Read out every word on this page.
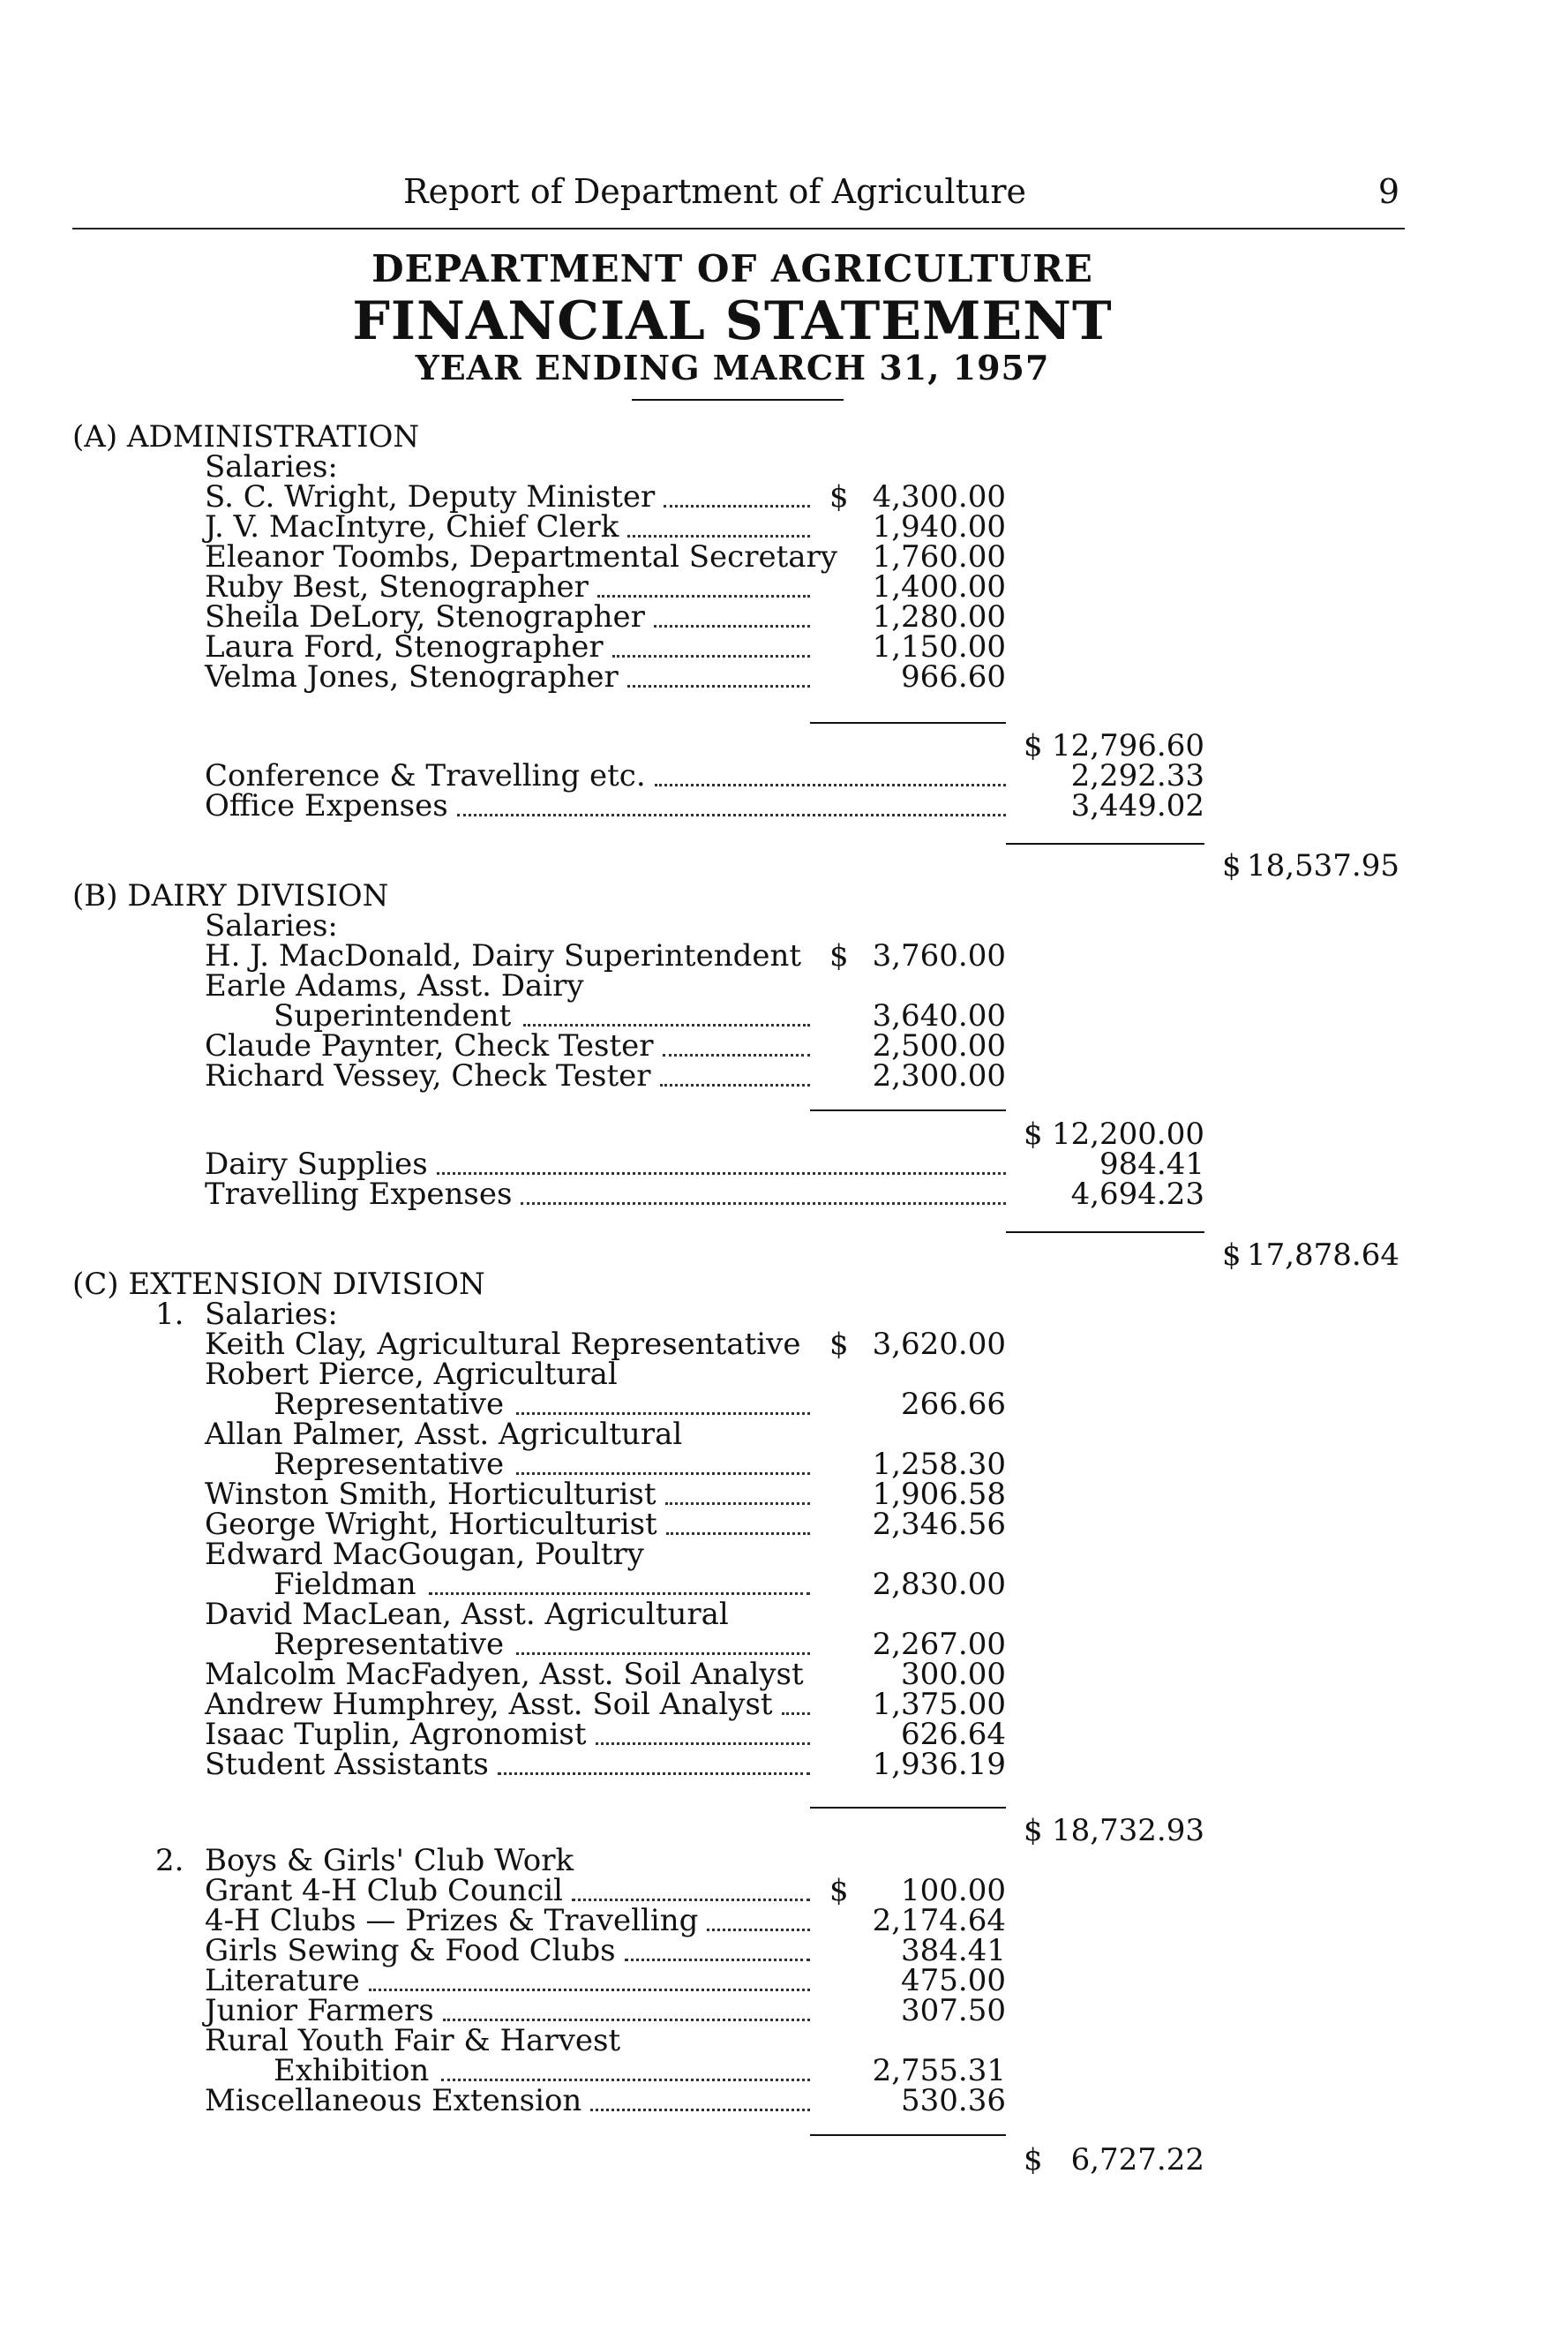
Report of Department of Agriculture	9
DEPARTMENT OF AGRICULTURE
FINANCIAL STATEMENT
YEAR ENDING MARCH 31, 1957
(A) ADMINISTRATION
Salaries:
S. C. Wright, Deputy Minister	$ 4,300.00
J. V. MacIntyre, Chief Clerk	1,940.00
Eleanor Toombs, Departmental Secretary	1,760.00
Ruby Best, Stenographer	1,400.00
Sheila DeLory, Stenographer	1,280.00
Laura Ford, Stenographer	1,150.00
Velma Jones, Stenographer	966.60
$ 12,796.60
Conference & Travelling etc.	2,292.33
Office Expenses	3,449.02
$ 18,537.95
(B) DAIRY DIVISION
Salaries:
H. J. MacDonald, Dairy Superintendent $ 3,760.00
Earle Adams, Asst. Dairy
Superintendent	3,640.00
Claude Paynter, Check Tester	2,500.00
Richard Vessey, Check Tester	2,300.00
$ 12,200.00
Dairy Supplies	984.41
Travelling Expenses	4,694.23
$ 17,878.64
(C) EXTENSION DIVISION
1. Salaries:
Keith Clay, Agricultural Representative $ 3,620.00
Robert Pierce, Agricultural
Representative	266.66
Allan Palmer, Asst. Agricultural
Representative	1,258.30
Winston Smith, Horticulturist	1,906.58
George Wright, Horticulturist	2,346.56
Edward MacGougan, Poultry
Fieldman	2,830.00
David MacLean, Asst. Agricultural
Representative	2,267.00
Malcolm MacFadyen, Asst. Soil Analyst	300.00
Andrew Humphrey, Asst. Soil Analyst	1,375.00
Isaac Tuplin, Agronomist	626.64
Student Assistants	1,936.19
$ 18,732.93
2. Boys & Girls' Club Work
Grant 4-H Club Council	$	100.00
4-H Clubs — Prizes & Travelling	2,174.64
Girls Sewing & Food Clubs	384.41
Literature	475.00
Junior Farmers	307.50
Rural Youth Fair & Harvest
Exhibition	2,755.31
Miscellaneous Extension	530.36
$ 6,727.22
